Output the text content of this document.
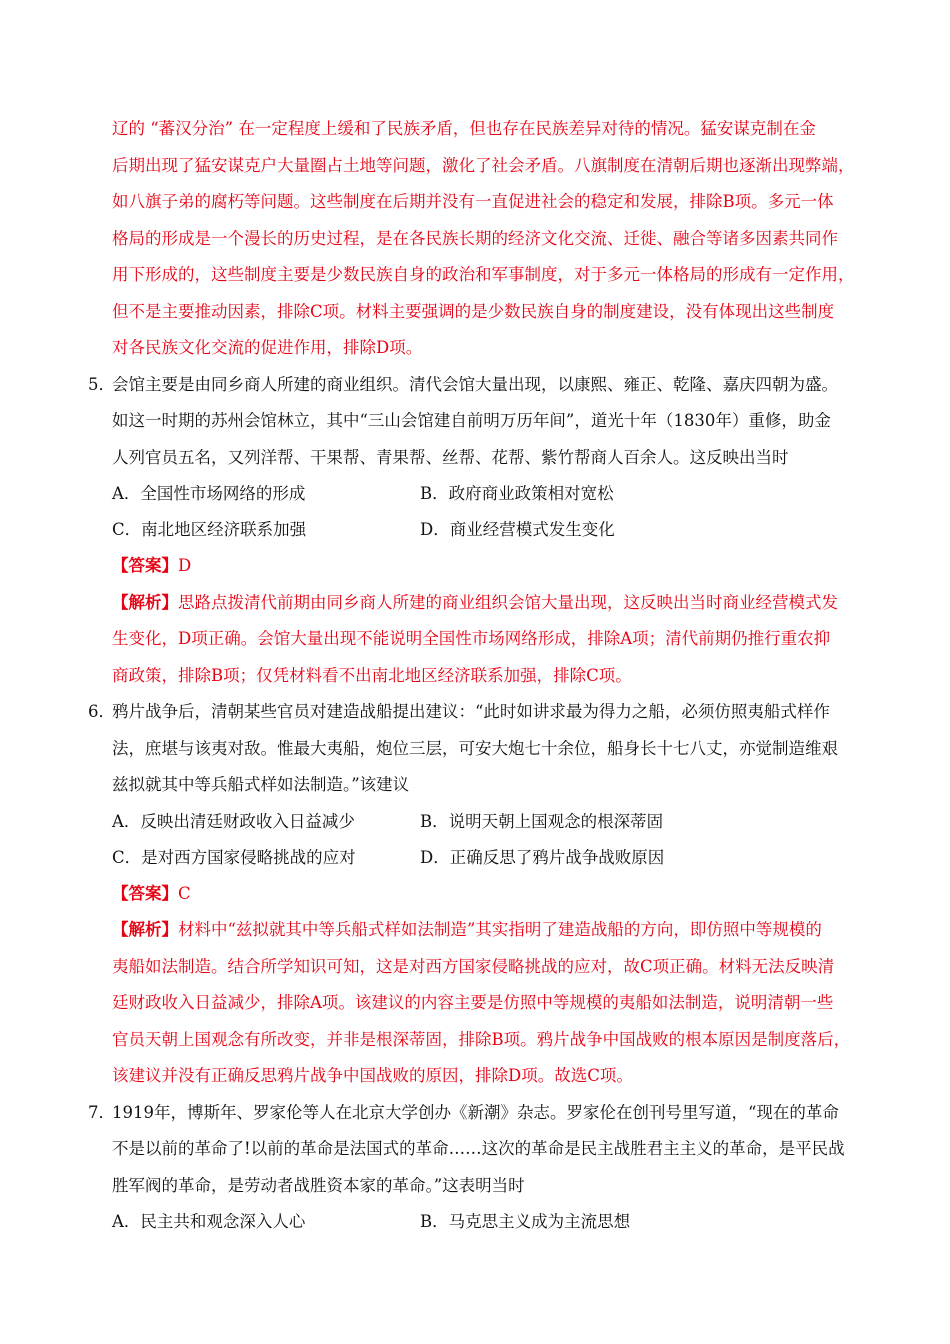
辽的 “蕃汉分治” 在一定程度上缓和了民族矛盾，但也存在民族差异对待的情况。猛安谋克制在金
后期出现了猛安谋克户大量圈占土地等问题，激化了社会矛盾。八旗制度在清朝后期也逐渐出现弊端，
如八旗子弟的腐朽等问题。这些制度在后期并没有一直促进社会的稳定和发展，排除B项。多元一体
格局的形成是一个漫长的历史过程，是在各民族长期的经济文化交流、迁徙、融合等诸多因素共同作
用下形成的，这些制度主要是少数民族自身的政治和军事制度，对于多元一体格局的形成有一定作用，
但不是主要推动因素，排除C项。材料主要强调的是少数民族自身的制度建设，没有体现出这些制度
对各民族文化交流的促进作用，排除D项。
5．会馆主要是由同乡商人所建的商业组织。清代会馆大量出现，以康熙、雍正、乾隆、嘉庆四朝为盛。
如这一时期的苏州会馆林立，其中“三山会馆建自前明万历年间”，道光十年（1830年）重修，助金
人列官员五名，又列洋帮、干果帮、青果帮、丝帮、花帮、紫竹帮商人百余人。这反映出当时
A．全国性市场网络的形成	B．政府商业政策相对宽松
C．南北地区经济联系加强	D．商业经营模式发生变化
【答案】D
【解析】思路点拨清代前期由同乡商人所建的商业组织会馆大量出现，这反映出当时商业经营模式发
生变化，D项正确。会馆大量出现不能说明全国性市场网络形成，排除A项；清代前期仍推行重农抑
商政策，排除B项；仅凭材料看不出南北地区经济联系加强，排除C项。
6．鸦片战争后，清朝某些官员对建造战船提出建议：“此时如讲求最为得力之船，必须仿照夷船式样作
法，庶堪与该夷对敌。惟最大夷船，炮位三层，可安大炮七十余位，船身长十七八丈，亦觉制造维艰
兹拟就其中等兵船式样如法制造。”该建议
A．反映出清廷财政收入日益减少	B．说明天朝上国观念的根深蒂固
C．是对西方国家侵略挑战的应对	D．正确反思了鸦片战争战败原因
【答案】C
【解析】材料中“兹拟就其中等兵船式样如法制造”其实指明了建造战船的方向，即仿照中等规模的
夷船如法制造。结合所学知识可知，这是对西方国家侵略挑战的应对，故C项正确。材料无法反映清
廷财政收入日益减少，排除A项。该建议的内容主要是仿照中等规模的夷船如法制造，说明清朝一些
官员天朝上国观念有所改变，并非是根深蒂固，排除B项。鸦片战争中国战败的根本原因是制度落后，
该建议并没有正确反思鸦片战争中国战败的原因，排除D项。故选C项。
7．1919年，博斯年、罗家伦等人在北京大学创办《新潮》杂志。罗家伦在创刊号里写道，“现在的革命
不是以前的革命了!以前的革命是法国式的革命……这次的革命是民主战胜君主主义的革命，是平民战
胜军阀的革命，是劳动者战胜资本家的革命。”这表明当时
A．民主共和观念深入人心	B．马克思主义成为主流思想
